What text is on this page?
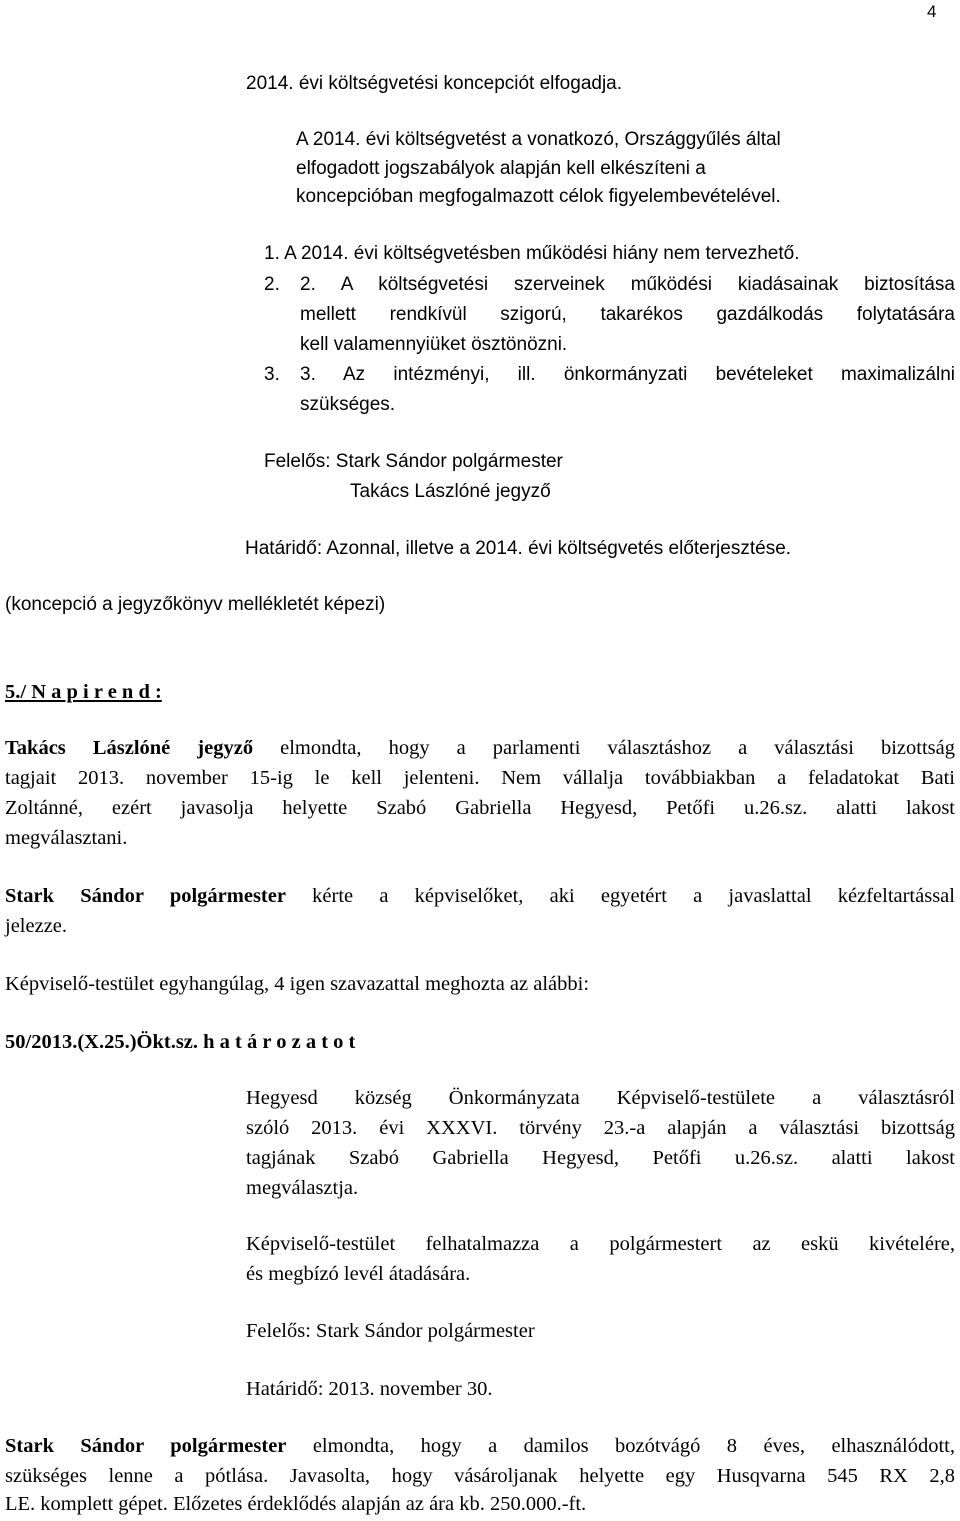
4
2014. évi költségvetési koncepciót elfogadja.
A 2014. évi költségvetést a vonatkozó, Országgyűlés által
elfogadott jogszabályok alapján kell elkészíteni a
koncepcióban megfogalmazott célok figyelembevételével.
1. A 2014. évi költségvetésben működési hiány nem tervezhető.
2. 2. A költségvetési szerveinek működési kiadásainak biztosítása
mellett rendkívül szigorú, takarékos gazdálkodás folytatására
kell valamennyiüket ösztönözni.
3. 3. Az intézményi, ill. önkormányzati bevételeket maximalizálni
szükséges.
Felelős: Stark Sándor polgármester
Takács Lászlóné jegyző
Határidő: Azonnal, illetve a 2014. évi költségvetés előterjesztése.
(koncepció a jegyzőkönyv mellékletét képezi)
5./ N a p i r e n d :
Takács Lászlóné jegyző elmondta, hogy a parlamenti választáshoz a választási bizottság
tagjait 2013. november 15-ig le kell jelenteni. Nem vállalja továbbiakban a feladatokat Bati
Zoltánné, ezért javasolja helyette Szabó Gabriella Hegyesd, Petőfi u.26.sz. alatti lakost
megválasztani.
Stark Sándor polgármester kérte a képviselőket, aki egyetért a javaslattal kézfeltartással
jelezze.
Képviselő-testület egyhangúlag, 4 igen szavazattal meghozta az alábbi:
50/2013.(X.25.)Ökt.sz. h a t á r o z a t o t
Hegyesd község Önkormányzata Képviselő-testülete a választásról
szóló 2013. évi XXXVI. törvény 23.-a alapján a választási bizottság
tagjának Szabó Gabriella Hegyesd, Petőfi u.26.sz. alatti lakost
megválasztja.
Képviselő-testület felhatalmazza a polgármestert az eskü kivételére,
és megbízó levél átadására.
Felelős: Stark Sándor polgármester
Határidő: 2013. november 30.
Stark Sándor polgármester elmondta, hogy a damilos bozótvágó 8 éves, elhasználódott,
szükséges lenne a pótlása. Javasolta, hogy vásároljanak helyette egy Husqvarna 545 RX 2,8
LE. komplett gépet. Előzetes érdeklődés alapján az ára kb. 250.000.-ft.
